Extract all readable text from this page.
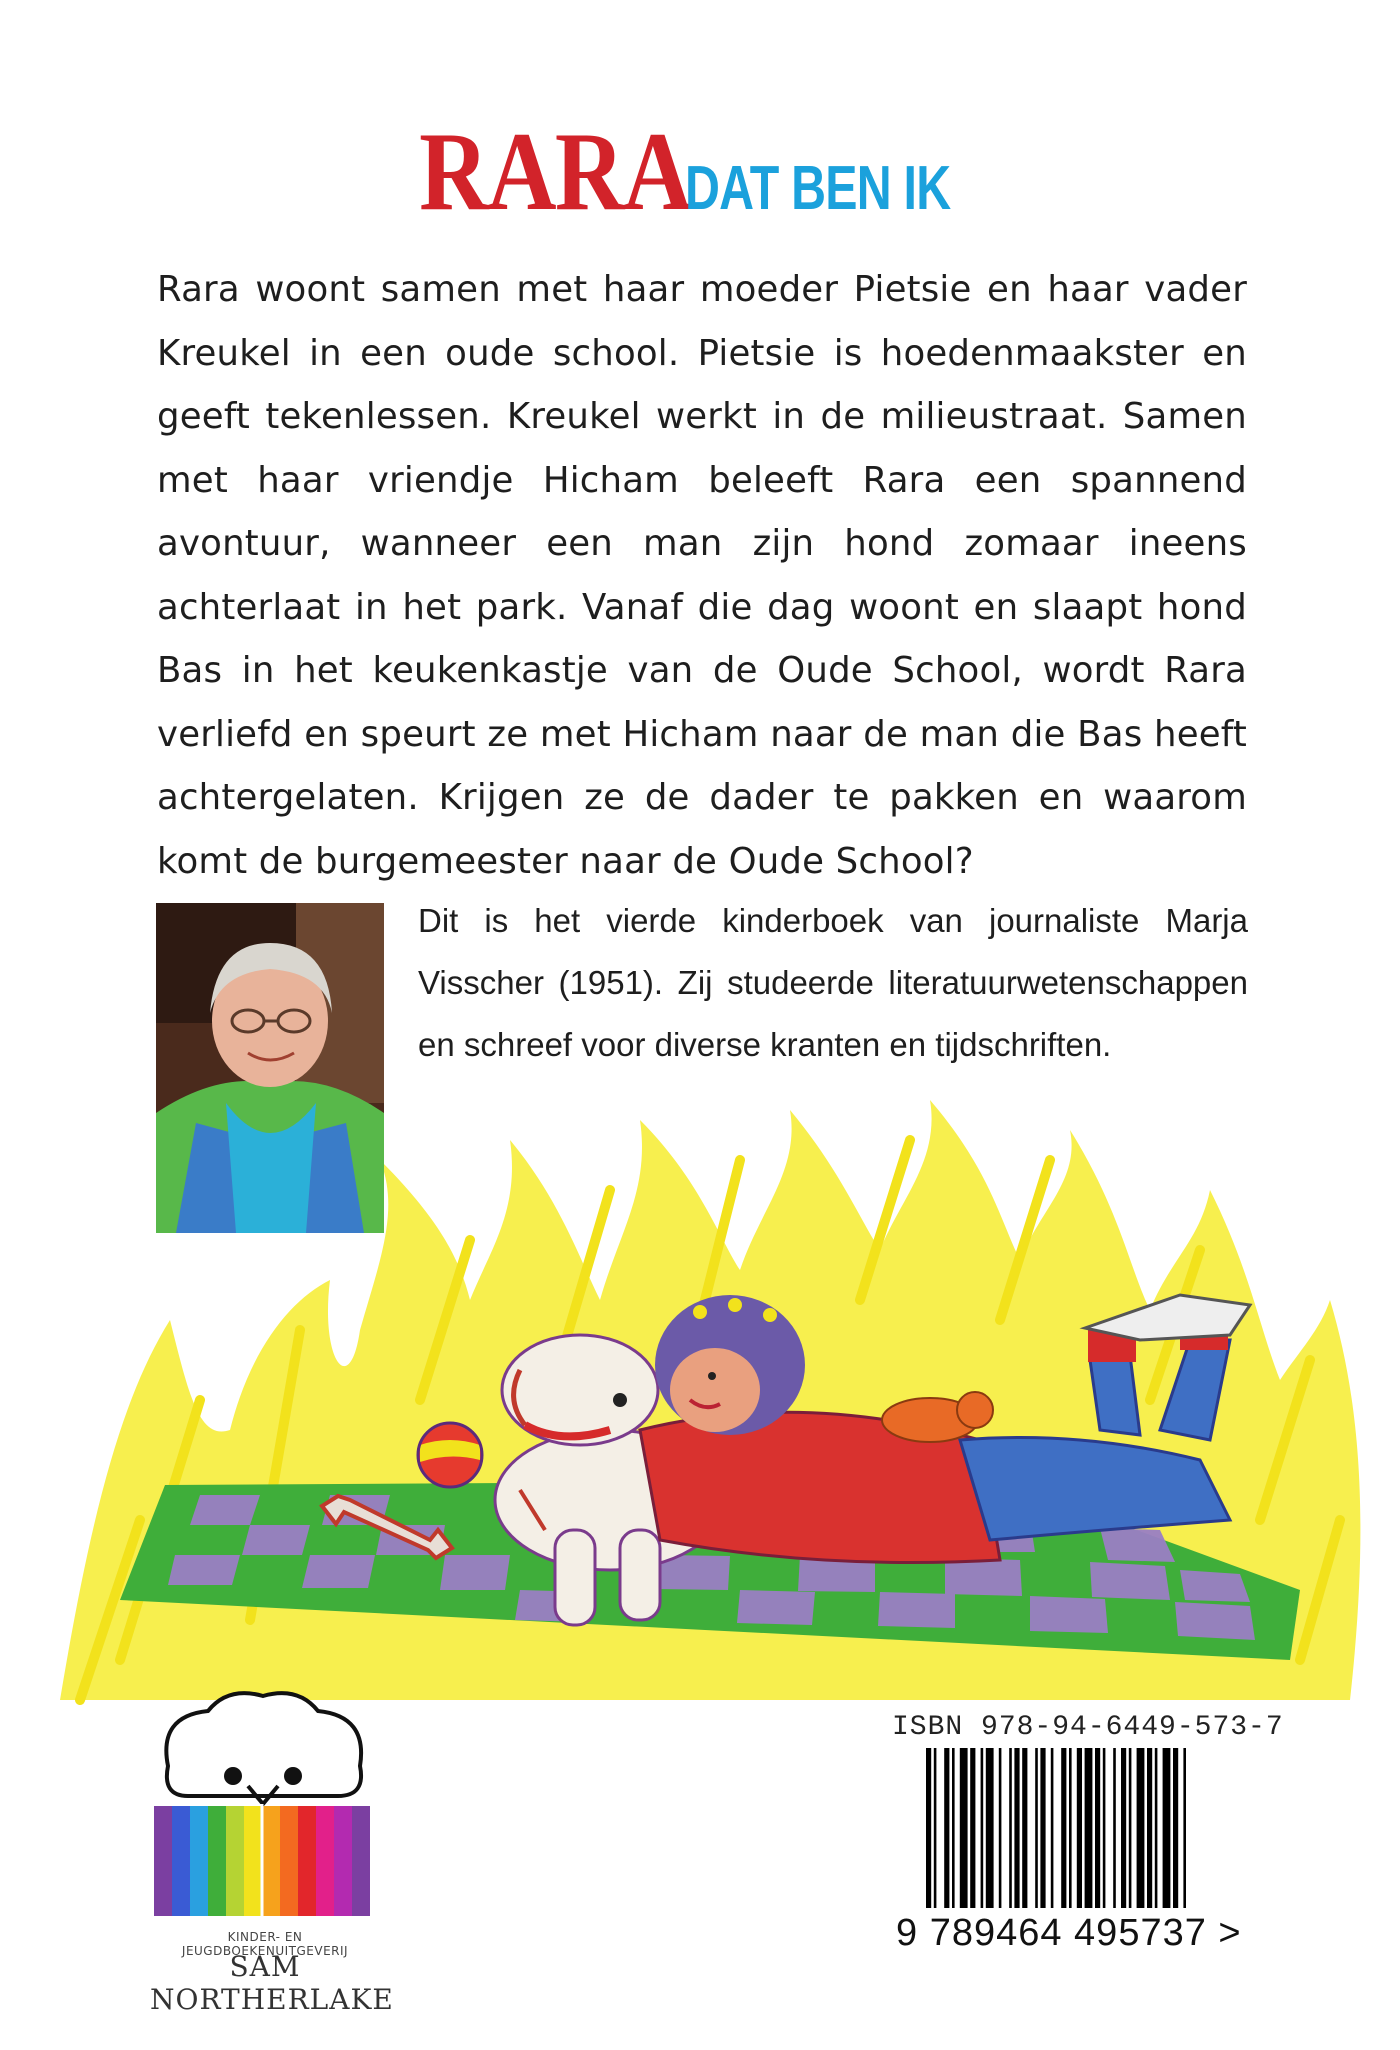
RARADAT BEN IK

Rara woont samen met haar moeder Pietsie en haar vader Kreukel in een oude school. Pietsie is hoedenmaakster en geeft tekenlessen. Kreukel werkt in de milieustraat. Samen met haar vriendje Hicham beleeft Rara een spannend avontuur, wanneer een man zijn hond zomaar ineens achterlaat in het park. Vanaf die dag woont en slaapt hond Bas in het keukenkastje van de Oude School, wordt Rara verliefd en speurt ze met Hicham naar de man die Bas heeft achtergelaten. Krijgen ze de dader te pakken en waarom komt de burgemeester naar de Oude School?

Dit is het vierde kinderboek van journaliste Marja Visscher (1951). Zij studeerde literatuurwetenschappen en schreef voor diverse kranten en tijdschriften.

KINDER- EN JEUGDBOEKENUITGEVERIJ
SAM NORTHERLAKE
ISBN 978-94-6449-573-7
9 789464 495737 >
